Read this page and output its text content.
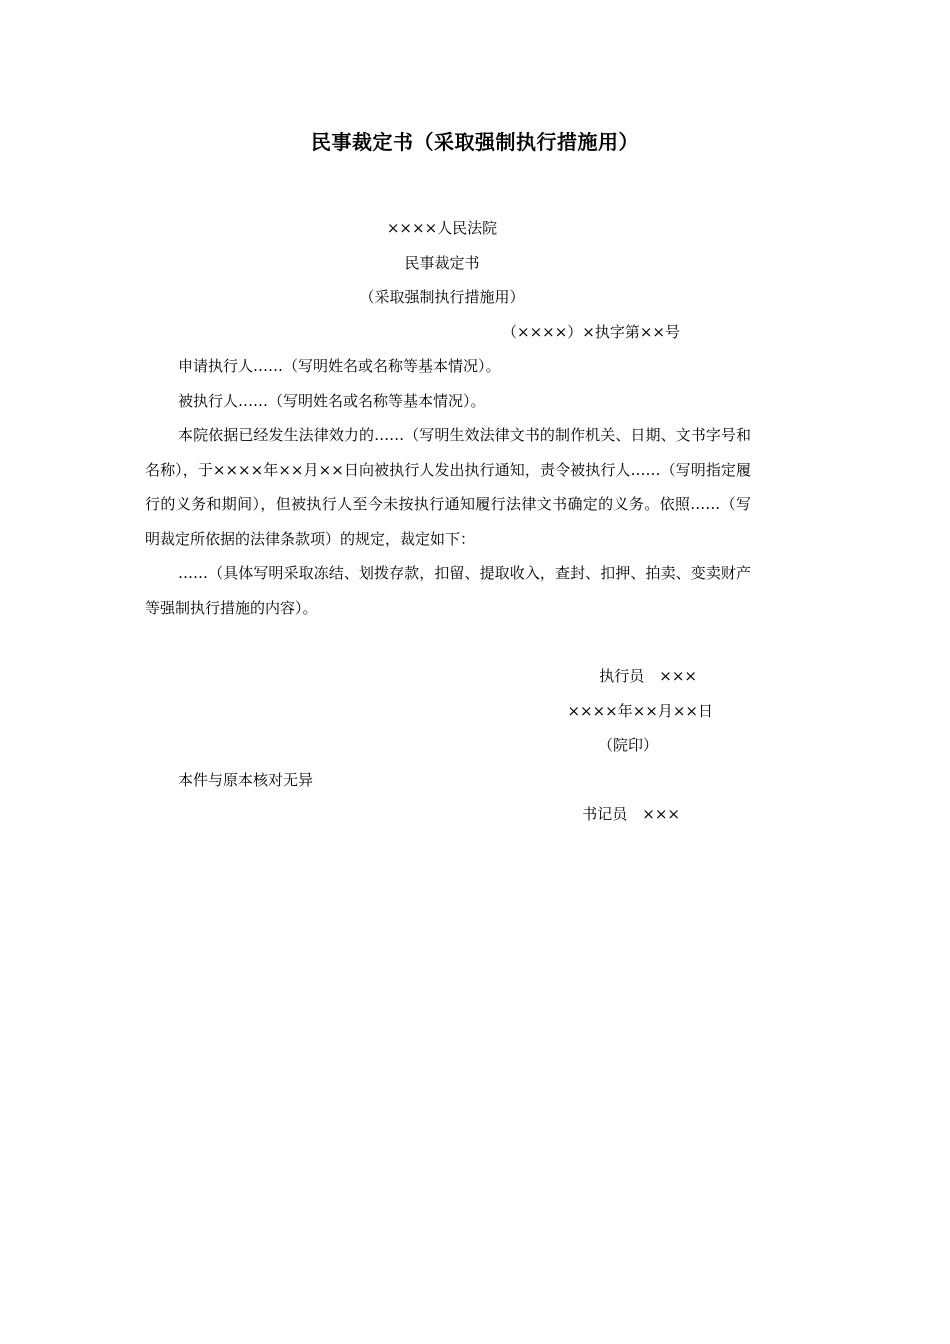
民事裁定书（采取强制执行措施用）
××××人民法院
民事裁定书
（采取强制执行措施用）
（××××）×执字第××号

申请执行人……（写明姓名或名称等基本情况）。

被执行人……（写明姓名或名称等基本情况）。

本院依据已经发生法律效力的……（写明生效法律文书的制作机关、日期、文书字号和名称），于××××年××月××日向被执行人发出执行通知，责令被执行人……（写明指定履行的义务和期间），但被执行人至今未按执行通知履行法律文书确定的义务。依照……（写明裁定所依据的法律条款项）的规定，裁定如下：

……（具体写明采取冻结、划拨存款，扣留、提取收入，查封、扣押、拍卖、变卖财产等强制执行措施的内容）。

执行员　×××
××××年××月××日
（院印）
本件与原本核对无异
书记员　×××
